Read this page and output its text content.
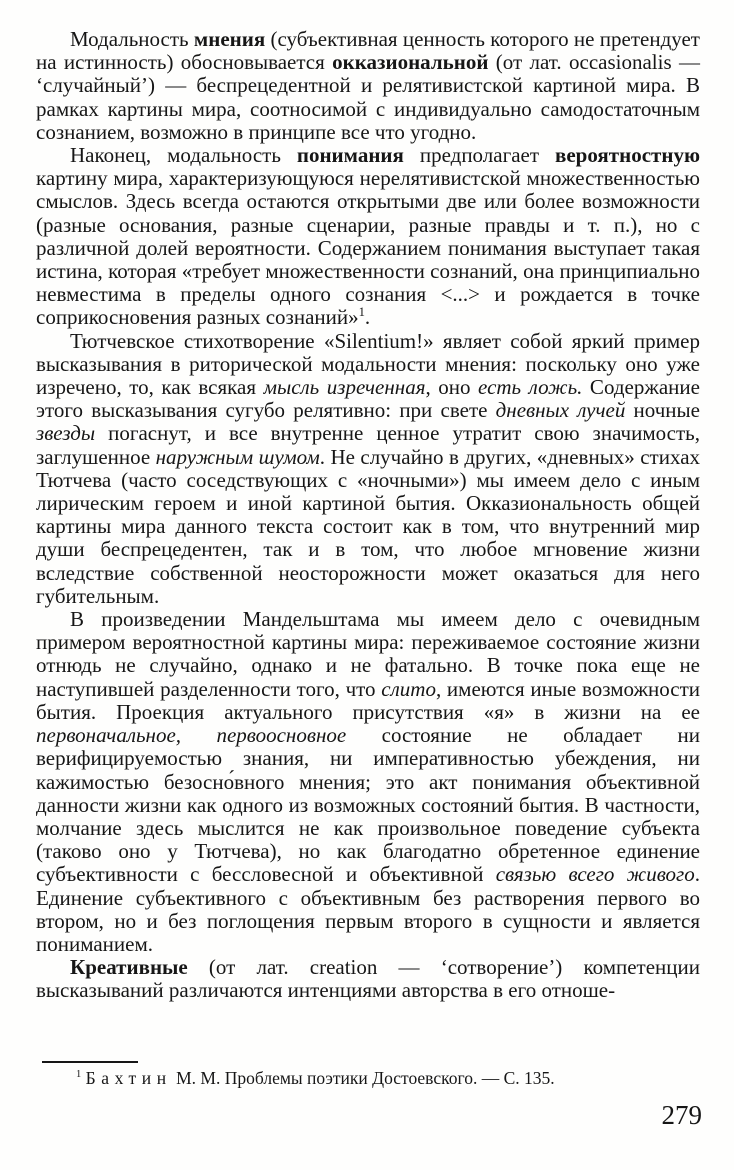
Модальность мнения (субъективная ценность которого не претендует на истинность) обосновывается окказиональной (от лат. occasionalis — ‘случайный’) — беспрецедентной и релятивистской картиной мира. В рамках картины мира, соотносимой с индивидуально самодостаточным сознанием, возможно в принципе все что угодно.

Наконец, модальность понимания предполагает вероятностную картину мира, характеризующуюся нерелятивистской множественностью смыслов. Здесь всегда остаются открытыми две или более возможности (разные основания, разные сценарии, разные правды и т. п.), но с различной долей вероятности. Содержанием понимания выступает такая истина, которая «требует множественности сознаний, она принципиально невместима в пределы одного сознания <...> и рождается в точке соприкосновения разных сознаний»$^1$.

Тютчевское стихотворение «Silentium!» являет собой яркий пример высказывания в риторической модальности мнения: поскольку оно уже изречено, то, как всякая мысль изреченная, оно есть ложь. Содержание этого высказывания сугубо релятивно: при свете дневных лучей ночные звезды погаснут, и все внутренне ценное утратит свою значимость, заглушенное наружным шумом. Не случайно в других, «дневных» стихах Тютчева (часто соседствующих с «ночными») мы имеем дело с иным лирическим героем и иной картиной бытия. Окказиональность общей картины мира данного текста состоит как в том, что внутренний мир души беспрецедентен, так и в том, что любое мгновение жизни вследствие собственной неосторожности может оказаться для него губительным.

В произведении Мандельштама мы имеем дело с очевидным примером вероятностной картины мира: переживаемое состояние жизни отнюдь не случайно, однако и не фатально. В точке пока еще не наступившей разделенности того, что слито, имеются иные возможности бытия. Проекция актуального присутствия «я» в жизни на ее первоначальное, первоосновное состояние не обладает ни верифицируемостью знания, ни императивностью убеждения, ни кажимостью безосно́вного мнения; это акт понимания объективной данности жизни как одного из возможных состояний бытия. В частности, молчание здесь мыслится не как произвольное поведение субъекта (таково оно у Тютчева), но как благодатно обретенное единение субъективности с бессловесной и объективной связью всего живого. Единение субъективного с объективным без растворения первого во втором, но и без поглощения первым второго в сущности и является пониманием.

Креативные (от лат. creation — ‘сотворение’) компетенции высказываний различаются интенциями авторства в его отноше-

$^1$ Бахтин М. М. Проблемы поэтики Достоевского. — С. 135.
279
